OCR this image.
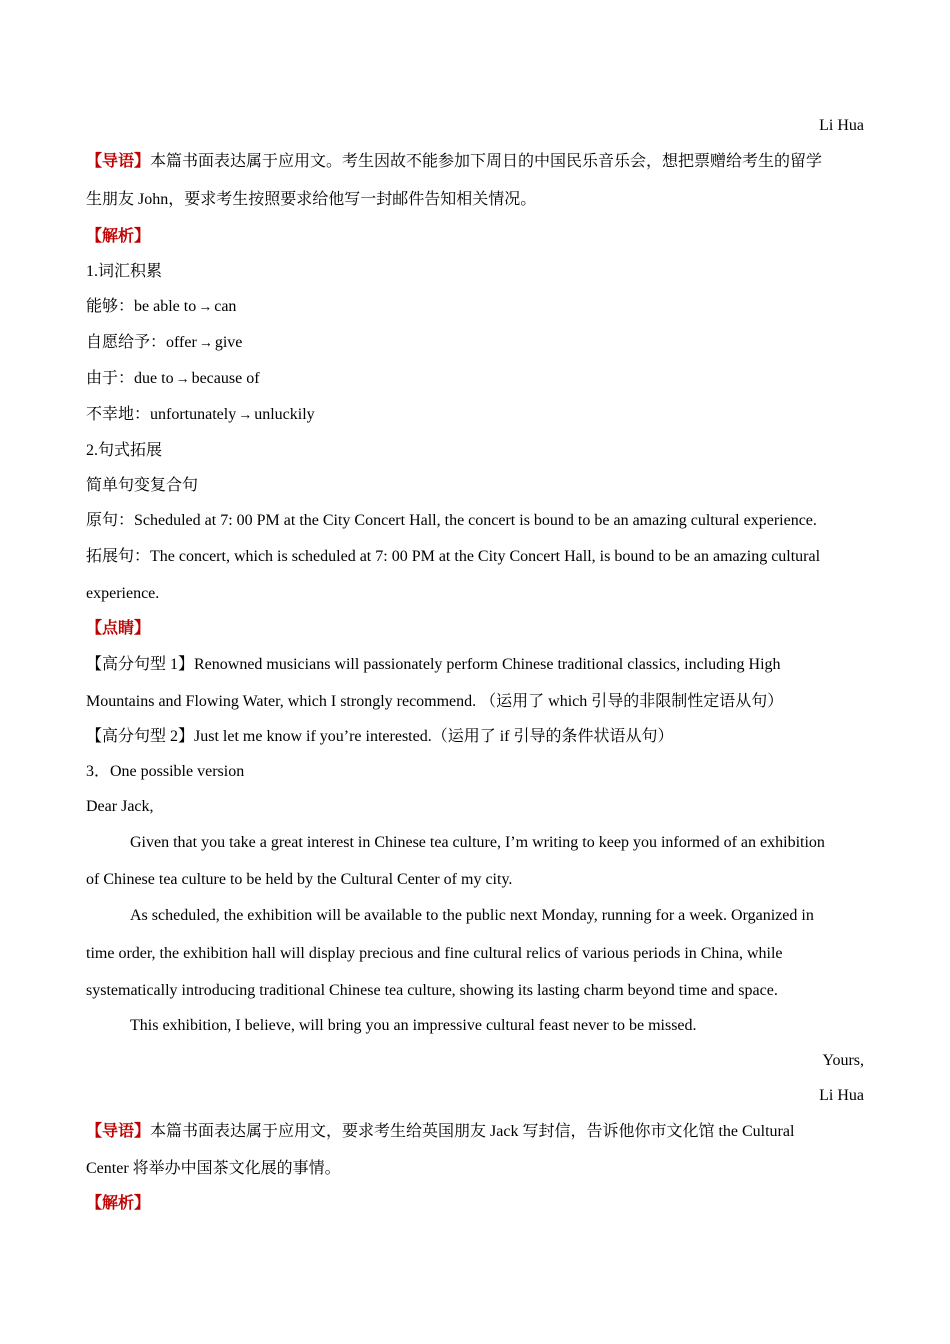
Li Hua
【导语】本篇书面表达属于应用文。考生因故不能参加下周日的中国民乐音乐会，想把票赠给考生的留学
生朋友 John，要求考生按照要求给他写一封邮件告知相关情况。
【解析】
1.词汇积累
能够：be able to → can
自愿给予：offer → give
由于：due to → because of
不幸地：unfortunately → unluckily
2.句式拓展
简单句变复合句
原句：Scheduled at 7: 00 PM at the City Concert Hall, the concert is bound to be an amazing cultural experience.
拓展句：The concert, which is scheduled at 7: 00 PM at the City Concert Hall, is bound to be an amazing cultural
experience.
【点睛】
【高分句型 1】Renowned musicians will passionately perform Chinese traditional classics, including High
Mountains and Flowing Water, which I strongly recommend. （运用了 which 引导的非限制性定语从句）
【高分句型 2】Just let me know if you’re interested.（运用了 if 引导的条件状语从句）
3．One possible version
Dear Jack,
Given that you take a great interest in Chinese tea culture, I’m writing to keep you informed of an exhibition
of Chinese tea culture to be held by the Cultural Center of my city.
As scheduled, the exhibition will be available to the public next Monday, running for a week. Organized in
time order, the exhibition hall will display precious and fine cultural relics of various periods in China, while
systematically introducing traditional Chinese tea culture, showing its lasting charm beyond time and space.
This exhibition, I believe, will bring you an impressive cultural feast never to be missed.
Yours,
Li Hua
【导语】本篇书面表达属于应用文，要求考生给英国朋友 Jack 写封信，告诉他你市文化馆 the Cultural
Center 将举办中国茶文化展的事情。
【解析】
